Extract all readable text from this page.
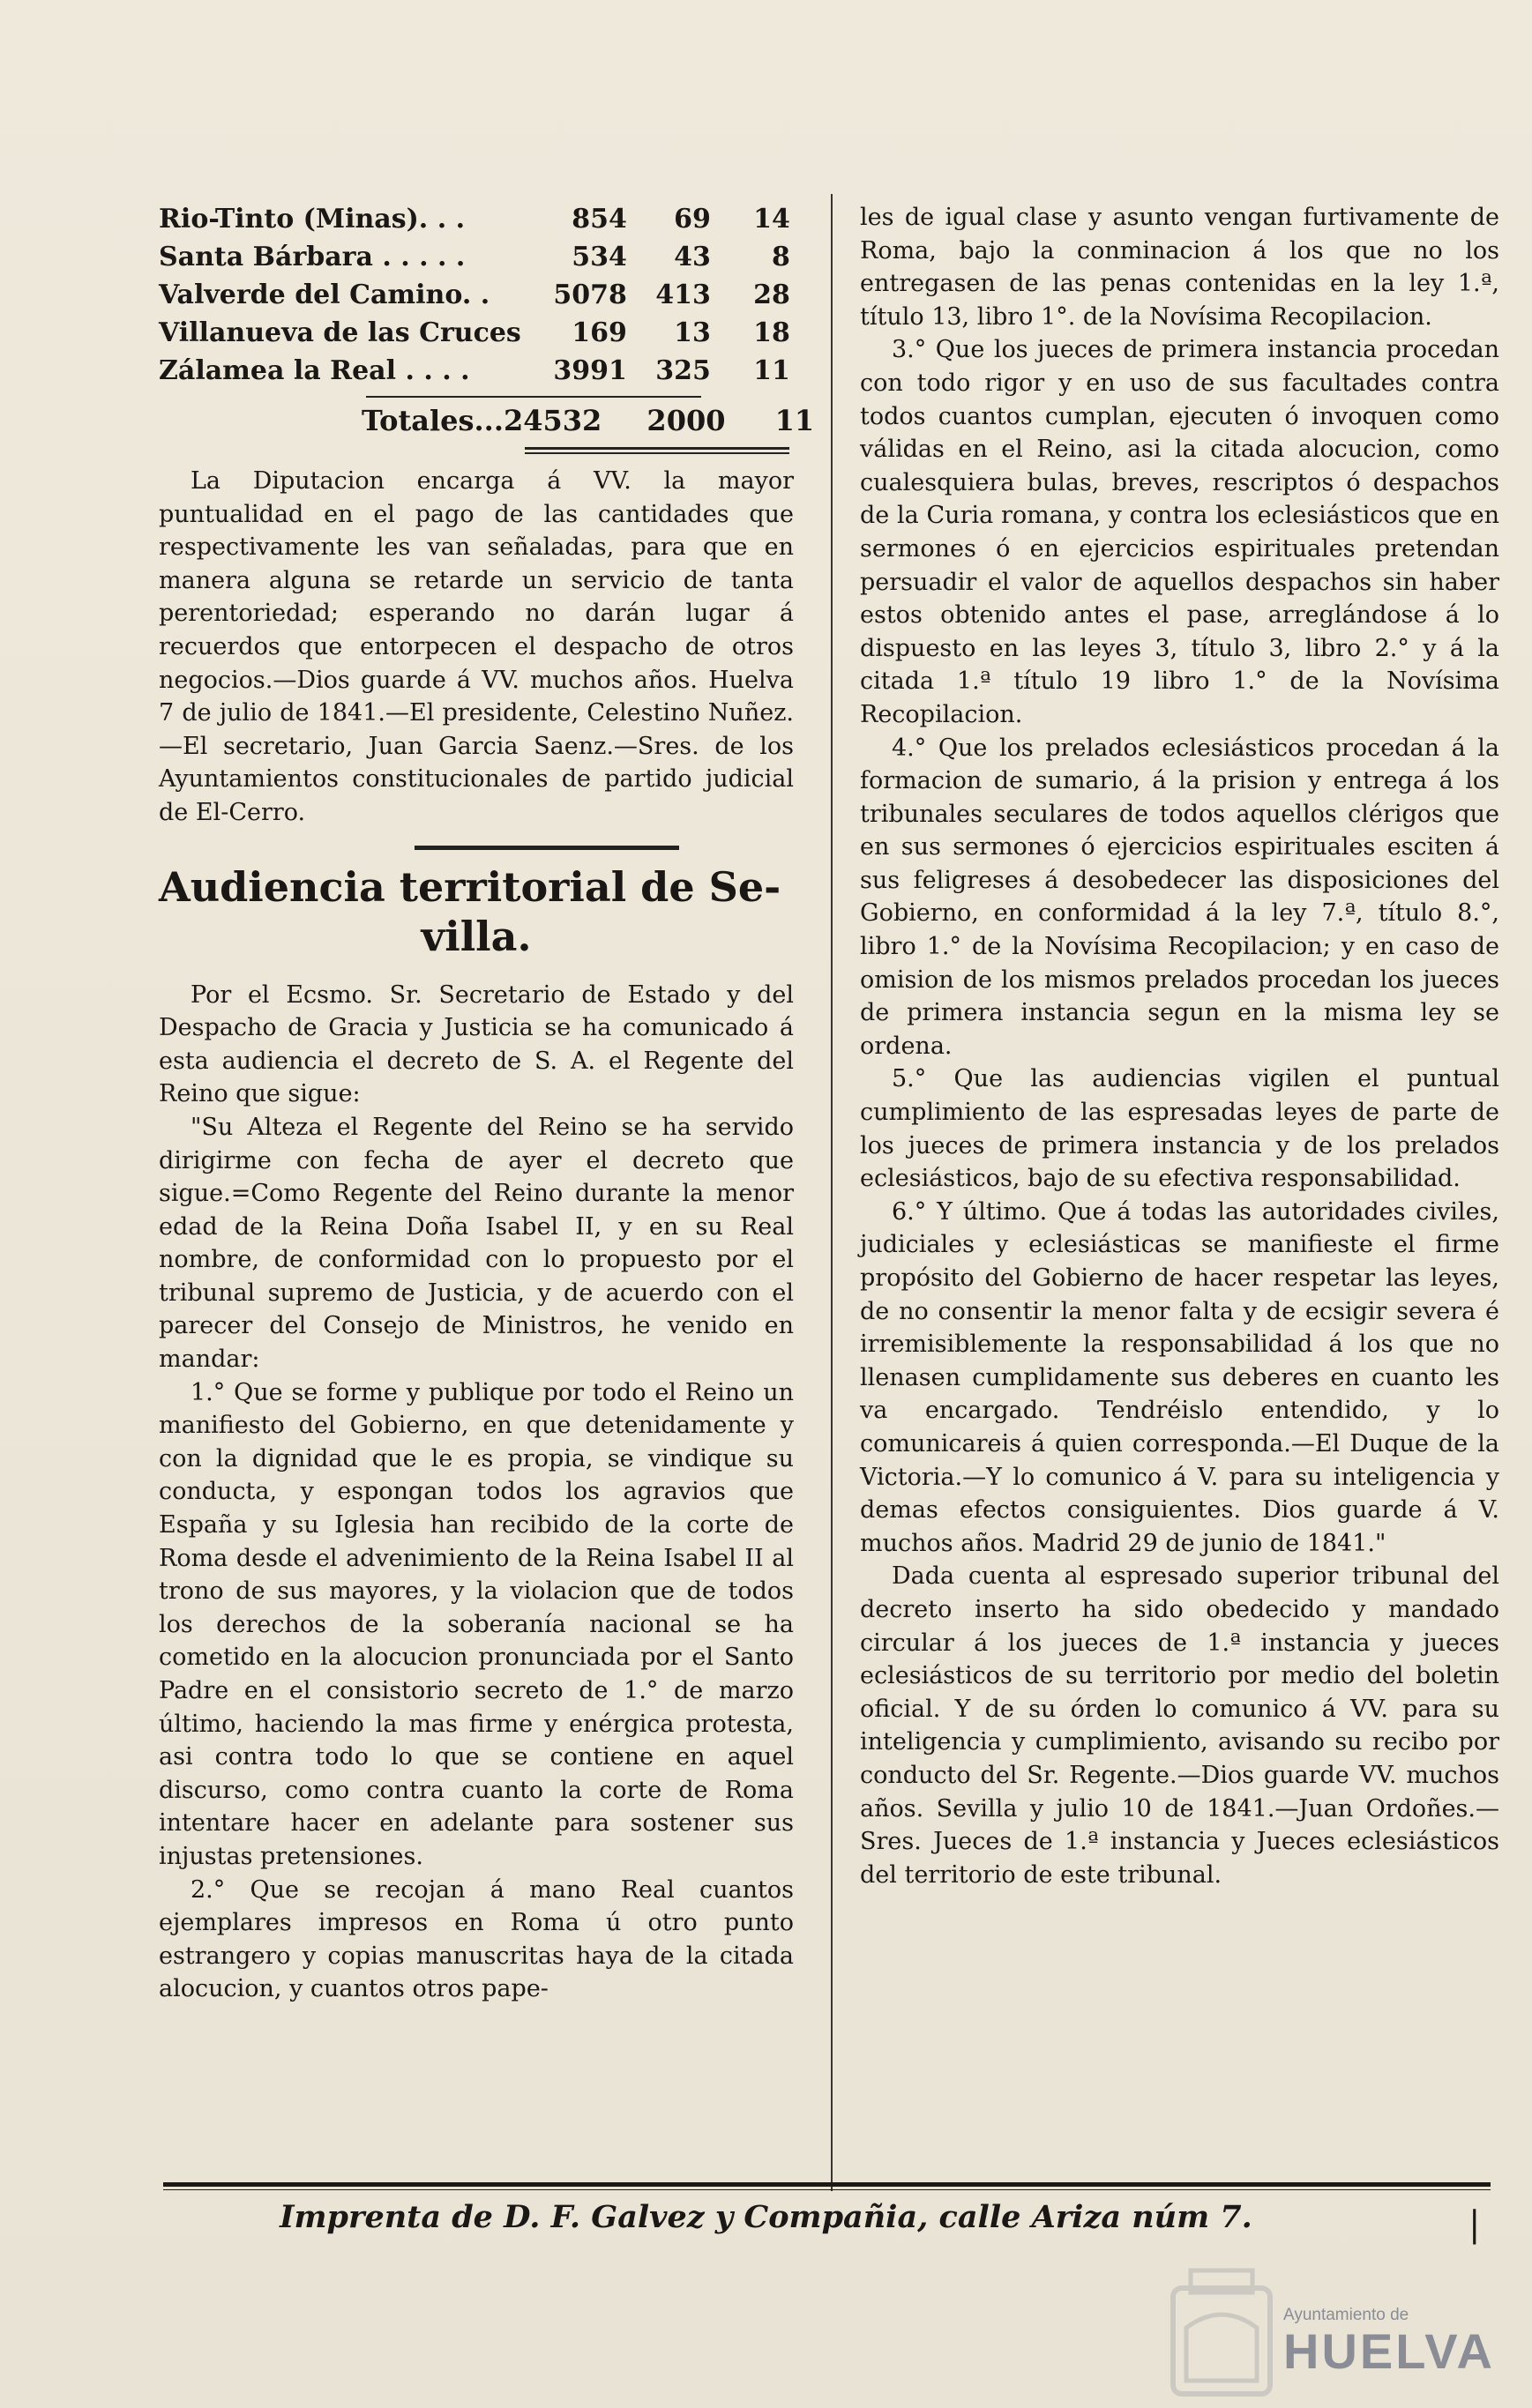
Rio-Tinto (Minas). . .	854	69	14
Santa Bárbara . . . . .	534	43	8
Valverde del Camino. .	5078	413	28
Villanueva de las Cruces	169	13	18
Zálamea la Real . . . .	3991	325	11
Totales...24532 2000 11

La Diputacion encarga á VV. la mayor puntualidad en el pago de las cantidades que respectivamente les van señaladas, para que en manera alguna se retarde un servicio de tanta perentoriedad; esperando no darán lugar á recuerdos que entorpecen el despacho de otros negocios.—Dios guarde á VV. muchos años. Huelva 7 de julio de 1841.—El presidente, Celestino Nuñez.—El secretario, Juan Garcia Saenz.—Sres. de los Ayuntamientos constitucionales de partido judicial de El-Cerro.

Audiencia territorial de Se-
villa.

Por el Ecsmo. Sr. Secretario de Estado y del Despacho de Gracia y Justicia se ha comunicado á esta audiencia el decreto de S. A. el Regente del Reino que sigue:

"Su Alteza el Regente del Reino se ha servido dirigirme con fecha de ayer el decreto que sigue.=Como Regente del Reino durante la menor edad de la Reina Doña Isabel II, y en su Real nombre, de conformidad con lo propuesto por el tribunal supremo de Justicia, y de acuerdo con el parecer del Consejo de Ministros, he venido en mandar:

1.° Que se forme y publique por todo el Reino un manifiesto del Gobierno, en que detenidamente y con la dignidad que le es propia, se vindique su conducta, y espongan todos los agravios que España y su Iglesia han recibido de la corte de Roma desde el advenimiento de la Reina Isabel II al trono de sus mayores, y la violacion que de todos los derechos de la soberanía nacional se ha cometido en la alocucion pronunciada por el Santo Padre en el consistorio secreto de 1.° de marzo último, haciendo la mas firme y enérgica protesta, asi contra todo lo que se contiene en aquel discurso, como contra cuanto la corte de Roma intentare hacer en adelante para sostener sus injustas pretensiones.

2.° Que se recojan á mano Real cuantos ejemplares impresos en Roma ú otro punto estrangero y copias manuscritas haya de la citada alocucion, y cuantos otros pape-

les de igual clase y asunto vengan furtivamente de Roma, bajo la conminacion á los que no los entregasen de las penas contenidas en la ley 1.ª, título 13, libro 1°. de la Novísima Recopilacion.

3.° Que los jueces de primera instancia procedan con todo rigor y en uso de sus facultades contra todos cuantos cumplan, ejecuten ó invoquen como válidas en el Reino, asi la citada alocucion, como cualesquiera bulas, breves, rescriptos ó despachos de la Curia romana, y contra los eclesiásticos que en sermones ó en ejercicios espirituales pretendan persuadir el valor de aquellos despachos sin haber estos obtenido antes el pase, arreglándose á lo dispuesto en las leyes 3, título 3, libro 2.° y á la citada 1.ª título 19 libro 1.° de la Novísima Recopilacion.

4.° Que los prelados eclesiásticos procedan á la formacion de sumario, á la prision y entrega á los tribunales seculares de todos aquellos clérigos que en sus sermones ó ejercicios espirituales esciten á sus feligreses á desobedecer las disposiciones del Gobierno, en conformidad á la ley 7.ª, título 8.°, libro 1.° de la Novísima Recopilacion; y en caso de omision de los mismos prelados procedan los jueces de primera instancia segun en la misma ley se ordena.

5.° Que las audiencias vigilen el puntual cumplimiento de las espresadas leyes de parte de los jueces de primera instancia y de los prelados eclesiásticos, bajo de su efectiva responsabilidad.

6.° Y último. Que á todas las autoridades civiles, judiciales y eclesiásticas se manifieste el firme propósito del Gobierno de hacer respetar las leyes, de no consentir la menor falta y de ecsigir severa é irremisiblemente la responsabilidad á los que no llenasen cumplidamente sus deberes en cuanto les va encargado. Tendréislo entendido, y lo comunicareis á quien corresponda.—El Duque de la Victoria.—Y lo comunico á V. para su inteligencia y demas efectos consiguientes. Dios guarde á V. muchos años. Madrid 29 de junio de 1841."

Dada cuenta al espresado superior tribunal del decreto inserto ha sido obedecido y mandado circular á los jueces de 1.ª instancia y jueces eclesiásticos de su territorio por medio del boletin oficial. Y de su órden lo comunico á VV. para su inteligencia y cumplimiento, avisando su recibo por conducto del Sr. Regente.—Dios guarde VV. muchos años. Sevilla y julio 10 de 1841.—Juan Ordoñes.—Sres. Jueces de 1.ª instancia y Jueces eclesiásticos del territorio de este tribunal.

Imprenta de D. F. Galvez y Compañia, calle Ariza núm 7.	|
Ayuntamiento de
HUELVA
